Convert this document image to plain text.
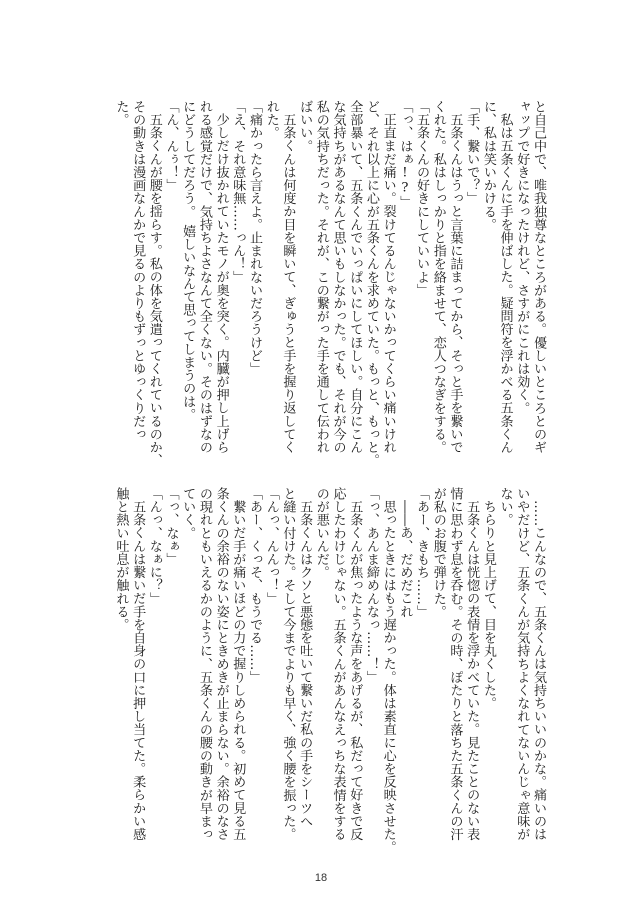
と自己中で、唯我独尊なところがある。優しいところとのギ
ャップで好きになったけれど、さすがにこれは効く。
私は五条くんに手を伸ばした。疑問符を浮かべる五条くん
に、私は笑いかける。
「手、繋いで？」
五条くんはうっと言葉に詰まってから、そっと手を繋いで
くれた。私はしっかりと指を絡ませて、恋人つなぎをする。
「五条くんの好きにしていいよ」
「っ、はぁ!?」
正直まだ痛い。裂けてるんじゃないかってくらい痛いけれ
ど、それ以上に心が五条くんを求めていた。もっと、もっと。
全部暴いて、五条くんでいっぱいにしてほしい。自分にこん
な気持ちがあるなんて思いもしなかった。でも、それが今の
私の気持ちだった。それが、この繋がった手を通して伝われ
ばいい。
五条くんは何度か目を瞬いて、ぎゅうと手を握り返してく
れた。
「痛かったら言えよ。止まれないだろうけど」
「え、それ意味無……っん！」
少しだけ抜かれていたモノが奥を突く。内臓が押し上げら
れる感覚だけで、気持ちよさなんて全くない。そのはずなの
にどうしてだろう。　嬉しいなんて思ってしまうのは。
「ん、んぅ！」
五条くんが腰を揺らす。私の体を気遣ってくれているのか、
その動きは漫画なんかで見るのよりもずっとゆっくりだっ
た。
……こんなので、五条くんは気持ちいいのかな。痛いのは
いやだけど、五条くんが気持ちよくなれてないんじゃ意味が
ない。
ちらりと見上げて、目を丸くした。
五条くんは恍惚の表情を浮かべていた。見たことのない表
情に思わず息を呑む。その時、ぽたりと落ちた五条くんの汗
が私のお腹で弾けた。
「あー、きもち……」
――あ、だめだこれ
思ったときにはもう遅かった。体は素直に心を反映させた。
「っ、あんま締めんなっ……！」
五条くんが焦ったような声をあげるが、私だって好きで反
応したわけじゃない。五条くんがあんなえっちな表情をする
のが悪いんだ。
五条くんはクソと悪態を吐いて繋いだ私の手をシーツへ
と縫い付けた。そして今までよりも早く、強く腰を振った。
「んっ、んんっ！」
「あー、くっそ、もうでる……」
繋いだ手が痛いほどの力で握りしめられる。初めて見る五
条くんの余裕のない姿にときめきが止まらない。余裕のなさ
の現れともいえるかのように、五条くんの腰の動きが早まっ
ていく。
「っ、なぁ」
「んっ、なぁに？」
五条くんは繋いだ手を自身の口に押し当てた。柔らかい感
触と熱い吐息が触れる。
18
